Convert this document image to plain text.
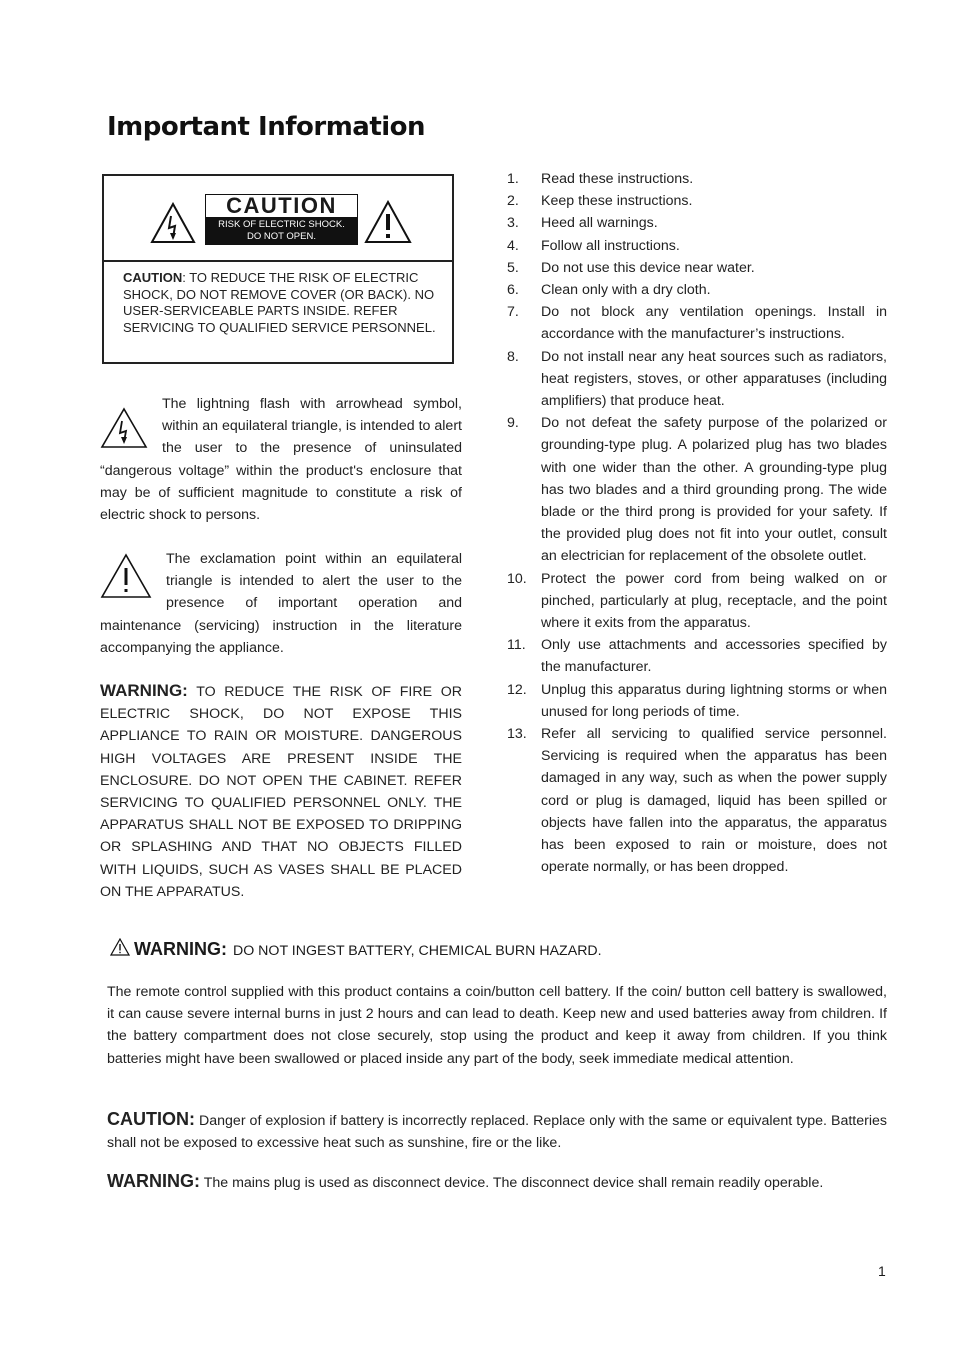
Important Information
CAUTION
RISK OF ELECTRIC SHOCK.
DO NOT OPEN.
CAUTION: TO REDUCE THE RISK OF ELECTRIC SHOCK, DO NOT REMOVE COVER (OR BACK). NO USER-SERVICEABLE PARTS INSIDE. REFER SERVICING TO QUALIFIED SERVICE PERSONNEL.
The lightning flash with arrowhead symbol, within an equilateral triangle, is intended to alert the user to the presence of uninsulated “dangerous voltage” within the product's enclosure that may be of sufficient magnitude to constitute a risk of electric shock to persons.
The exclamation point within an equilateral triangle is intended to alert the user to the presence of important operation and maintenance (servicing) instruction in the literature accompanying the appliance.
WARNING: TO REDUCE THE RISK OF FIRE OR ELECTRIC SHOCK, DO NOT EXPOSE THIS APPLIANCE TO RAIN OR MOISTURE. DANGEROUS HIGH VOLTAGES ARE PRESENT INSIDE THE ENCLOSURE. DO NOT OPEN THE CABINET. REFER SERVICING TO QUALIFIED PERSONNEL ONLY. THE APPARATUS SHALL NOT BE EXPOSED TO DRIPPING OR SPLASHING AND THAT NO OBJECTS FILLED WITH LIQUIDS, SUCH AS VASES SHALL BE PLACED ON THE APPARATUS.
1. Read these instructions.
2. Keep these instructions.
3. Heed all warnings.
4. Follow all instructions.
5. Do not use this device near water.
6. Clean only with a dry cloth.
7. Do not block any ventilation openings. Install in accordance with the manufacturer’s instructions.
8. Do not install near any heat sources such as radiators, heat registers, stoves, or other apparatuses (including amplifiers) that produce heat.
9. Do not defeat the safety purpose of the polarized or grounding-type plug. A polarized plug has two blades with one wider than the other. A grounding-type plug has two blades and a third grounding prong. The wide blade or the third prong is provided for your safety. If the provided plug does not fit into your outlet, consult an electrician for replacement of the obsolete outlet.
10. Protect the power cord from being walked on or pinched, particularly at plug, receptacle, and the point where it exits from the apparatus.
11. Only use attachments and accessories specified by the manufacturer.
12. Unplug this apparatus during lightning storms or when unused for long periods of time.
13. Refer all servicing to qualified service personnel. Servicing is required when the apparatus has been damaged in any way, such as when the power supply cord or plug is damaged, liquid has been spilled or objects have fallen into the apparatus, the apparatus has been exposed to rain or moisture, does not operate normally, or has been dropped.
WARNING: DO NOT INGEST BATTERY, CHEMICAL BURN HAZARD.
The remote control supplied with this product contains a coin/button cell battery. If the coin/ button cell battery is swallowed, it can cause severe internal burns in just 2 hours and can lead to death. Keep new and used batteries away from children. If the battery compartment does not close securely, stop using the product and keep it away from children. If you think batteries might have been swallowed or placed inside any part of the body, seek immediate medical attention.
CAUTION: Danger of explosion if battery is incorrectly replaced. Replace only with the same or equivalent type. Batteries shall not be exposed to excessive heat such as sunshine, fire or the like.
WARNING: The mains plug is used as disconnect device. The disconnect device shall remain readily operable.
1
